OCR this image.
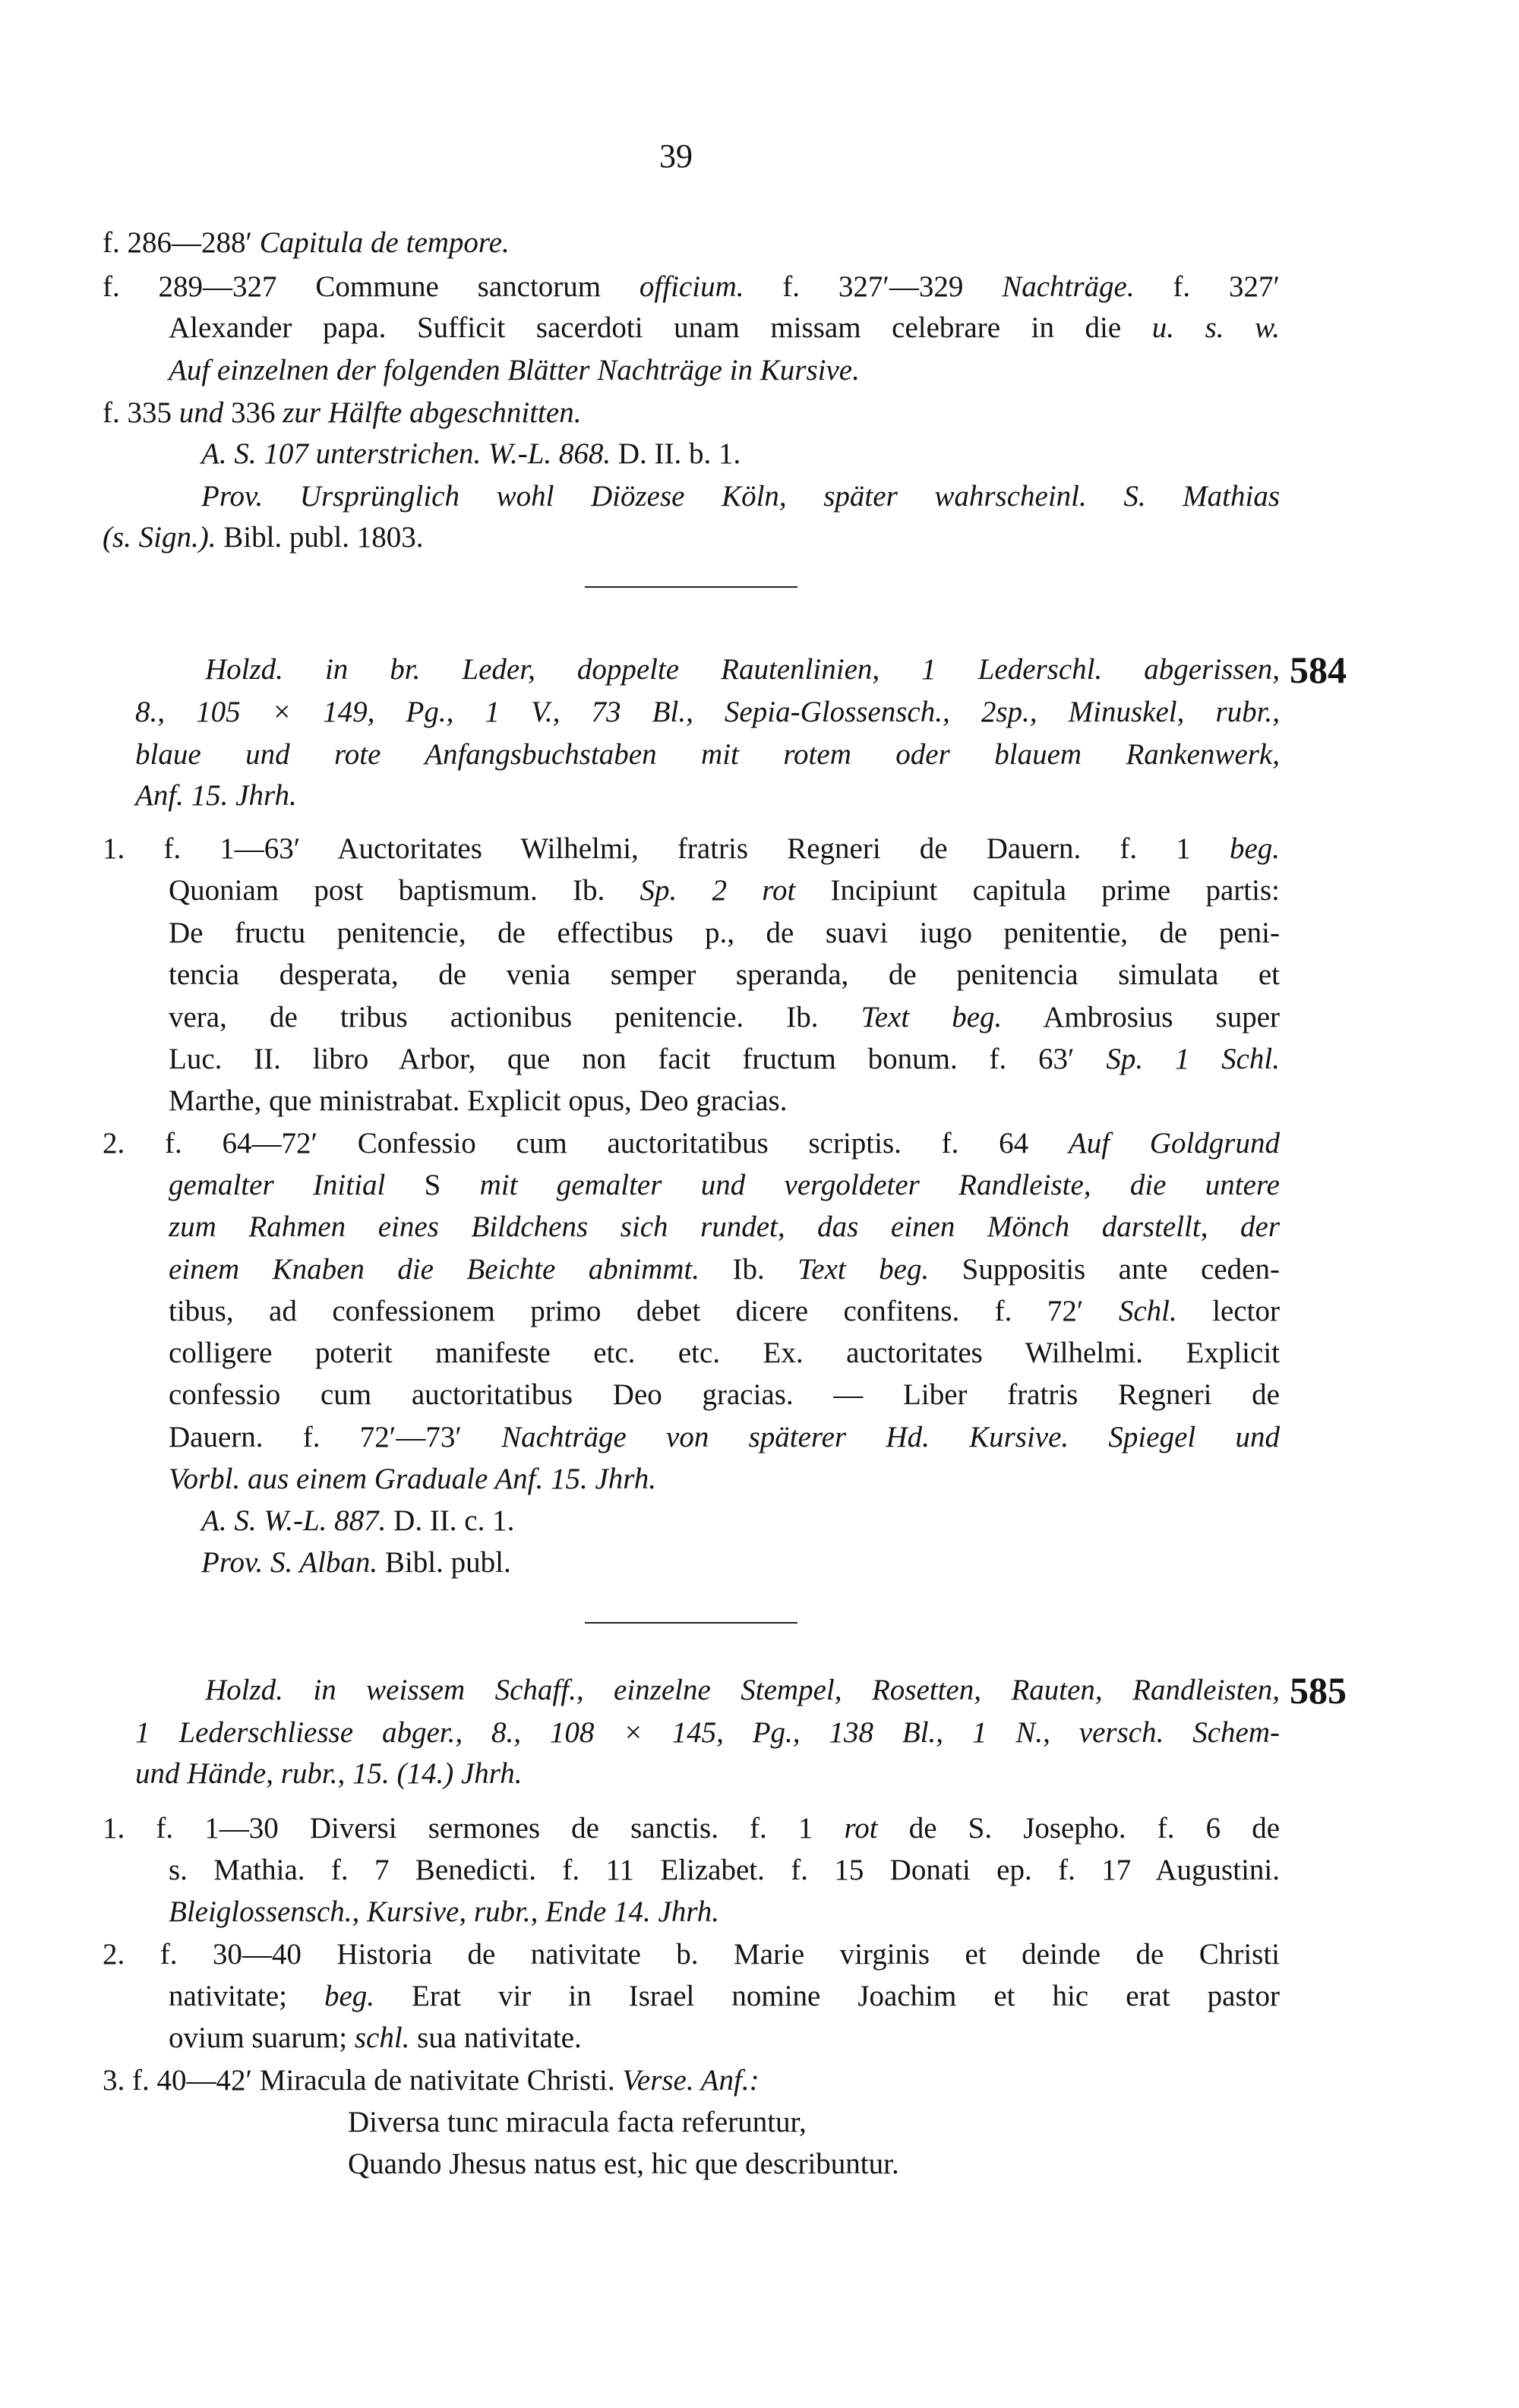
39
584
585
f. 286—288′ Capitula de tempore.
f. 289—327 Commune sanctorum officium. f. 327′—329 Nachträge. f. 327′
Alexander papa. Sufficit sacerdoti unam missam celebrare in die u. s. w.
Auf einzelnen der folgenden Blätter Nachträge in Kursive.
f. 335 und 336 zur Hälfte abgeschnitten.
A. S. 107 unterstrichen. W.-L. 868. D. II. b. 1.
Prov. Ursprünglich wohl Diözese Köln, später wahrscheinl. S. Mathias
(s. Sign.). Bibl. publ. 1803.
Holzd. in br. Leder, doppelte Rautenlinien, 1 Lederschl. abgerissen,
8., 105 × 149, Pg., 1 V., 73 Bl., Sepia-Glossensch., 2sp., Minuskel, rubr.,
blaue und rote Anfangsbuchstaben mit rotem oder blauem Rankenwerk,
Anf. 15. Jhrh.
1. f. 1—63′ Auctoritates Wilhelmi, fratris Regneri de Dauern. f. 1 beg.
Quoniam post baptismum. Ib. Sp. 2 rot Incipiunt capitula prime partis:
De fructu penitencie, de effectibus p., de suavi iugo penitentie, de peni-
tencia desperata, de venia semper speranda, de penitencia simulata et
vera, de tribus actionibus penitencie. Ib. Text beg. Ambrosius super
Luc. II. libro Arbor, que non facit fructum bonum. f. 63′ Sp. 1 Schl.
Marthe, que ministrabat. Explicit opus, Deo gracias.
2. f. 64—72′ Confessio cum auctoritatibus scriptis. f. 64 Auf Goldgrund
gemalter Initial S mit gemalter und vergoldeter Randleiste, die untere
zum Rahmen eines Bildchens sich rundet, das einen Mönch darstellt, der
einem Knaben die Beichte abnimmt. Ib. Text beg. Suppositis ante ceden-
tibus, ad confessionem primo debet dicere confitens. f. 72′ Schl. lector
colligere poterit manifeste etc. etc. Ex. auctoritates Wilhelmi. Explicit
confessio cum auctoritatibus Deo gracias. — Liber fratris Regneri de
Dauern. f. 72′—73′ Nachträge von späterer Hd. Kursive. Spiegel und
Vorbl. aus einem Graduale Anf. 15. Jhrh.
A. S. W.-L. 887. D. II. c. 1.
Prov. S. Alban. Bibl. publ.
Holzd. in weissem Schaff., einzelne Stempel, Rosetten, Rauten, Randleisten,
1 Lederschliesse abger., 8., 108 × 145, Pg., 138 Bl., 1 N., versch. Schem-
und Hände, rubr., 15. (14.) Jhrh.
1. f. 1—30 Diversi sermones de sanctis. f. 1 rot de S. Josepho. f. 6 de
s. Mathia. f. 7 Benedicti. f. 11 Elizabet. f. 15 Donati ep. f. 17 Augustini.
Bleiglossensch., Kursive, rubr., Ende 14. Jhrh.
2. f. 30—40 Historia de nativitate b. Marie virginis et deinde de Christi
nativitate; beg. Erat vir in Israel nomine Joachim et hic erat pastor
ovium suarum; schl. sua nativitate.
3. f. 40—42′ Miracula de nativitate Christi. Verse. Anf.:
Diversa tunc miracula facta referuntur,
Quando Jhesus natus est, hic que describuntur.
